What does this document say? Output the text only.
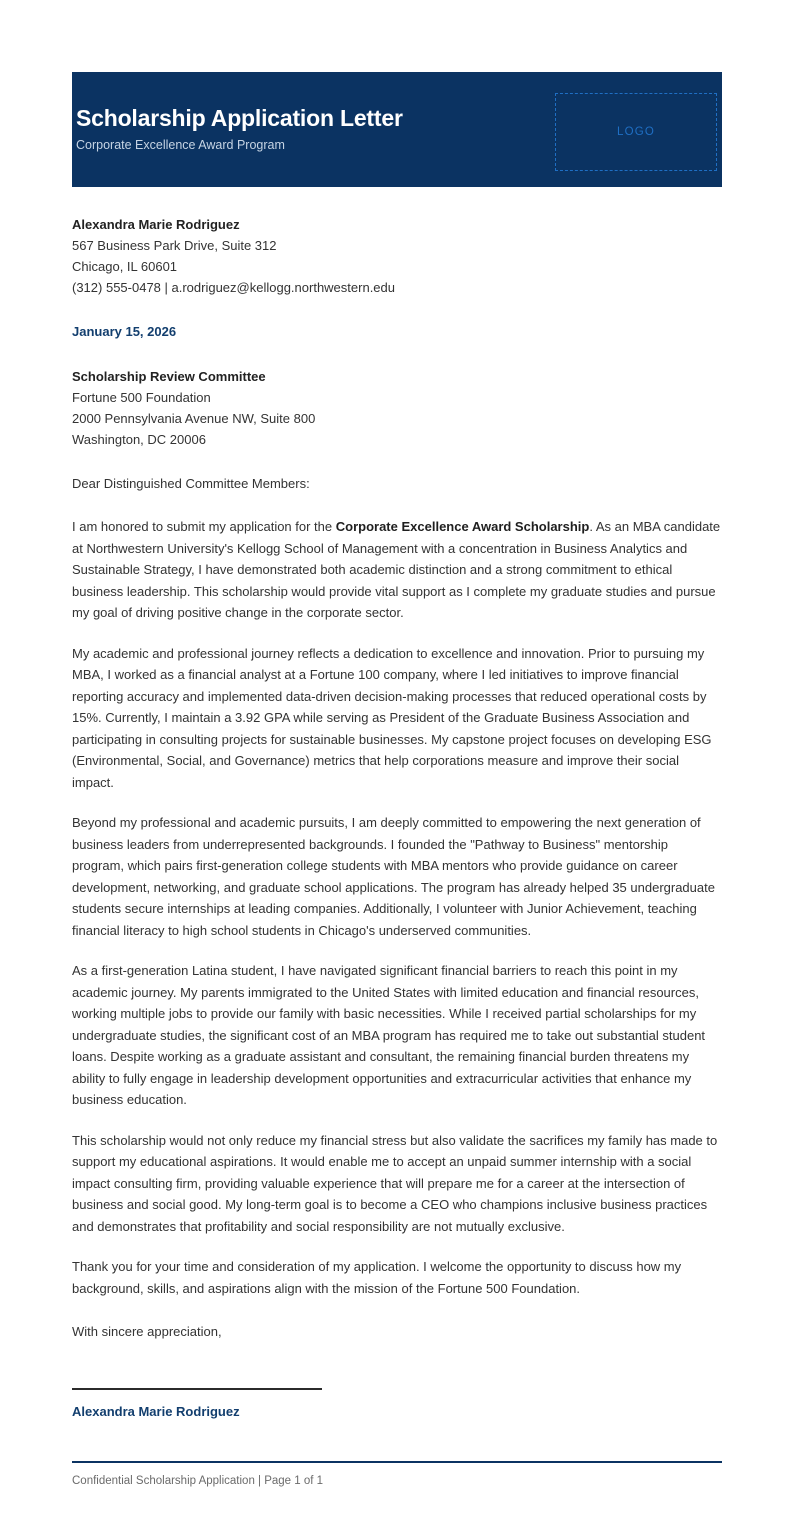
Scholarship Application Letter
Corporate Excellence Award Program
LOGO
Alexandra Marie Rodriguez
567 Business Park Drive, Suite 312
Chicago, IL 60601
(312) 555-0478 | a.rodriguez@kellogg.northwestern.edu
January 15, 2026
Scholarship Review Committee
Fortune 500 Foundation
2000 Pennsylvania Avenue NW, Suite 800
Washington, DC 20006
Dear Distinguished Committee Members:

I am honored to submit my application for the Corporate Excellence Award Scholarship. As an MBA candidate at Northwestern University's Kellogg School of Management with a concentration in Business Analytics and Sustainable Strategy, I have demonstrated both academic distinction and a strong commitment to ethical business leadership. This scholarship would provide vital support as I complete my graduate studies and pursue my goal of driving positive change in the corporate sector.

My academic and professional journey reflects a dedication to excellence and innovation. Prior to pursuing my MBA, I worked as a financial analyst at a Fortune 100 company, where I led initiatives to improve financial reporting accuracy and implemented data-driven decision-making processes that reduced operational costs by 15%. Currently, I maintain a 3.92 GPA while serving as President of the Graduate Business Association and participating in consulting projects for sustainable businesses. My capstone project focuses on developing ESG (Environmental, Social, and Governance) metrics that help corporations measure and improve their social impact.

Beyond my professional and academic pursuits, I am deeply committed to empowering the next generation of business leaders from underrepresented backgrounds. I founded the "Pathway to Business" mentorship program, which pairs first-generation college students with MBA mentors who provide guidance on career development, networking, and graduate school applications. The program has already helped 35 undergraduate students secure internships at leading companies. Additionally, I volunteer with Junior Achievement, teaching financial literacy to high school students in Chicago's underserved communities.

As a first-generation Latina student, I have navigated significant financial barriers to reach this point in my academic journey. My parents immigrated to the United States with limited education and financial resources, working multiple jobs to provide our family with basic necessities. While I received partial scholarships for my undergraduate studies, the significant cost of an MBA program has required me to take out substantial student loans. Despite working as a graduate assistant and consultant, the remaining financial burden threatens my ability to fully engage in leadership development opportunities and extracurricular activities that enhance my business education.

This scholarship would not only reduce my financial stress but also validate the sacrifices my family has made to support my educational aspirations. It would enable me to accept an unpaid summer internship with a social impact consulting firm, providing valuable experience that will prepare me for a career at the intersection of business and social good. My long-term goal is to become a CEO who champions inclusive business practices and demonstrates that profitability and social responsibility are not mutually exclusive.

Thank you for your time and consideration of my application. I welcome the opportunity to discuss how my background, skills, and aspirations align with the mission of the Fortune 500 Foundation.

With sincere appreciation,
Alexandra Marie Rodriguez
Confidential Scholarship Application | Page 1 of 1
